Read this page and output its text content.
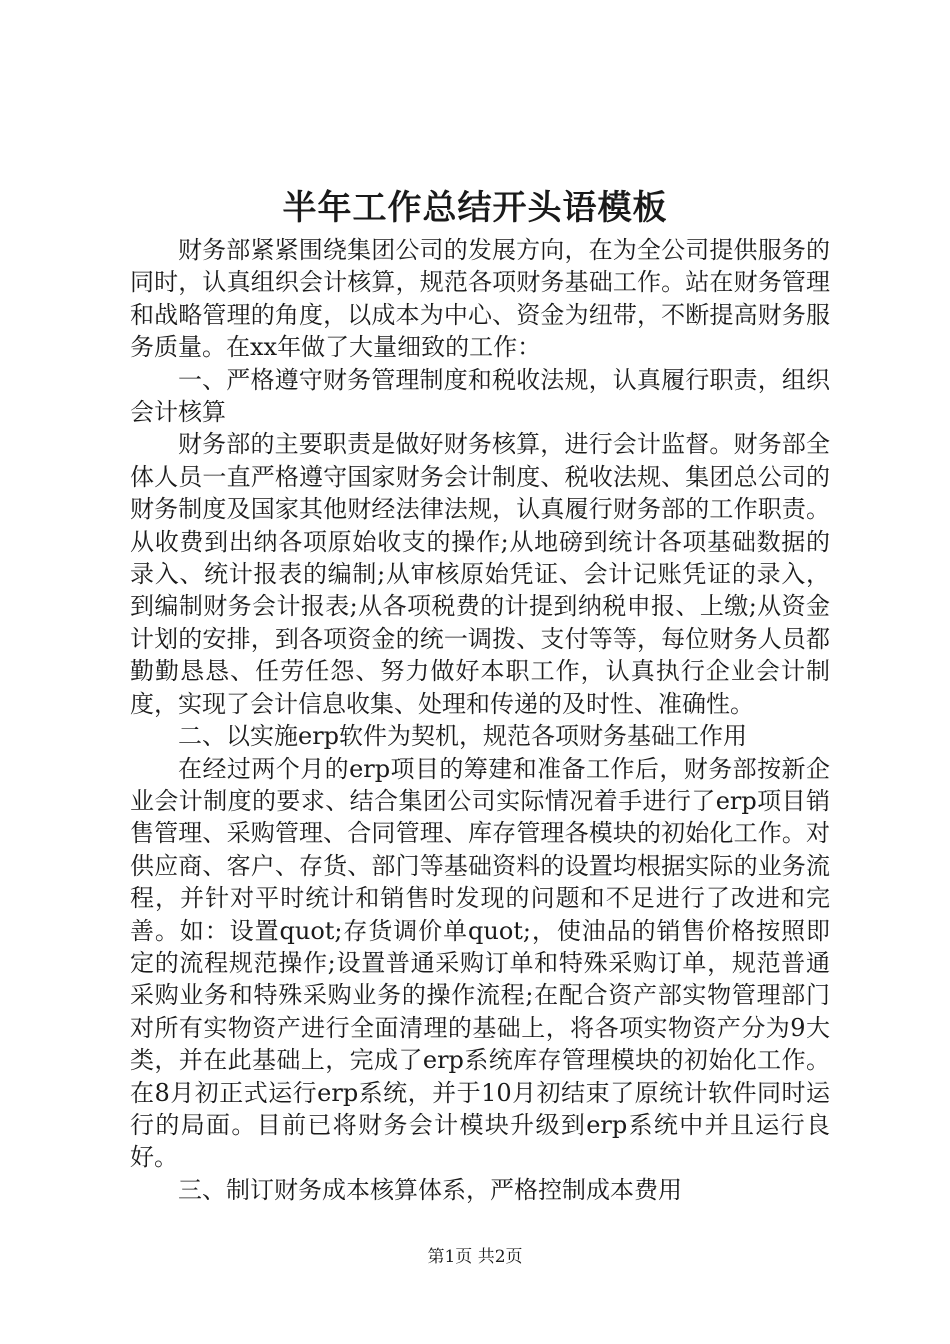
半年工作总结开头语模板

财务部紧紧围绕集团公司的发展方向，在为全公司提供服务的同时，认真组织会计核算，规范各项财务基础工作。站在财务管理和战略管理的角度，以成本为中心、资金为纽带，不断提高财务服务质量。在xx年做了大量细致的工作：

一、严格遵守财务管理制度和税收法规，认真履行职责，组织会计核算

财务部的主要职责是做好财务核算，进行会计监督。财务部全体人员一直严格遵守国家财务会计制度、税收法规、集团总公司的财务制度及国家其他财经法律法规，认真履行财务部的工作职责。从收费到出纳各项原始收支的操作;从地磅到统计各项基础数据的录入、统计报表的编制;从审核原始凭证、会计记账凭证的录入，到编制财务会计报表;从各项税费的计提到纳税申报、上缴;从资金计划的安排，到各项资金的统一调拨、支付等等，每位财务人员都勤勤恳恳、任劳任怨、努力做好本职工作，认真执行企业会计制度，实现了会计信息收集、处理和传递的及时性、准确性。

二、以实施erp软件为契机，规范各项财务基础工作用

在经过两个月的erp项目的筹建和准备工作后，财务部按新企业会计制度的要求、结合集团公司实际情况着手进行了erp项目销售管理、采购管理、合同管理、库存管理各模块的初始化工作。对供应商、客户、存货、部门等基础资料的设置均根据实际的业务流程，并针对平时统计和销售时发现的问题和不足进行了改进和完善。如：设置quot;存货调价单quot;，使油品的销售价格按照即定的流程规范操作;设置普通采购订单和特殊采购订单，规范普通采购业务和特殊采购业务的操作流程;在配合资产部实物管理部门对所有实物资产进行全面清理的基础上，将各项实物资产分为9大类，并在此基础上，完成了erp系统库存管理模块的初始化工作。在8月初正式运行erp系统，并于10月初结束了原统计软件同时运行的局面。目前已将财务会计模块升级到erp系统中并且运行良好。

三、制订财务成本核算体系，严格控制成本费用

第1页 共2页
